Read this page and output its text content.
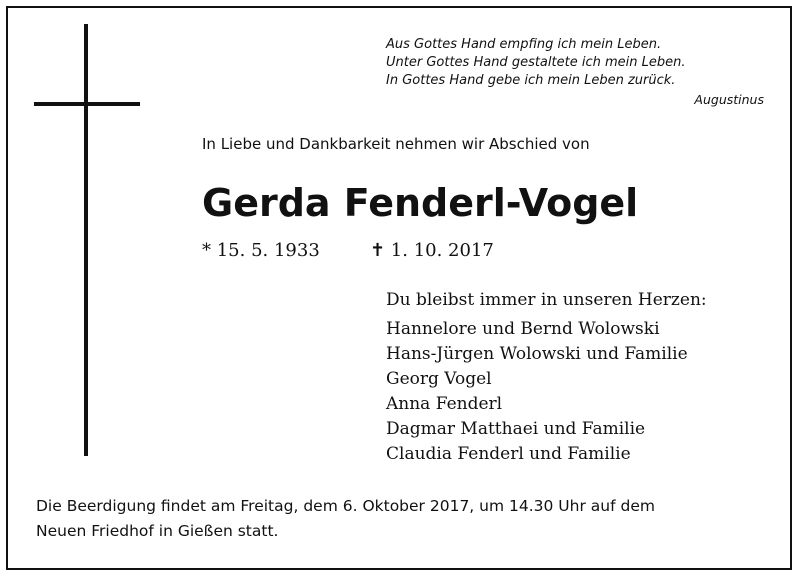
Aus Gottes Hand empfing ich mein Leben.
Unter Gottes Hand gestaltete ich mein Leben.
In Gottes Hand gebe ich mein Leben zurück.
Augustinus
In Liebe und Dankbarkeit nehmen wir Abschied von
Gerda Fenderl-Vogel
* 15. 5. 1933	✝ 1. 10. 2017
Du bleibst immer in unseren Herzen:
Hannelore und Bernd Wolowski
Hans-Jürgen Wolowski und Familie
Georg Vogel
Anna Fenderl
Dagmar Matthaei und Familie
Claudia Fenderl und Familie
Die Beerdigung findet am Freitag, dem 6. Oktober 2017, um 14.30 Uhr auf dem
Neuen Friedhof in Gießen statt.
